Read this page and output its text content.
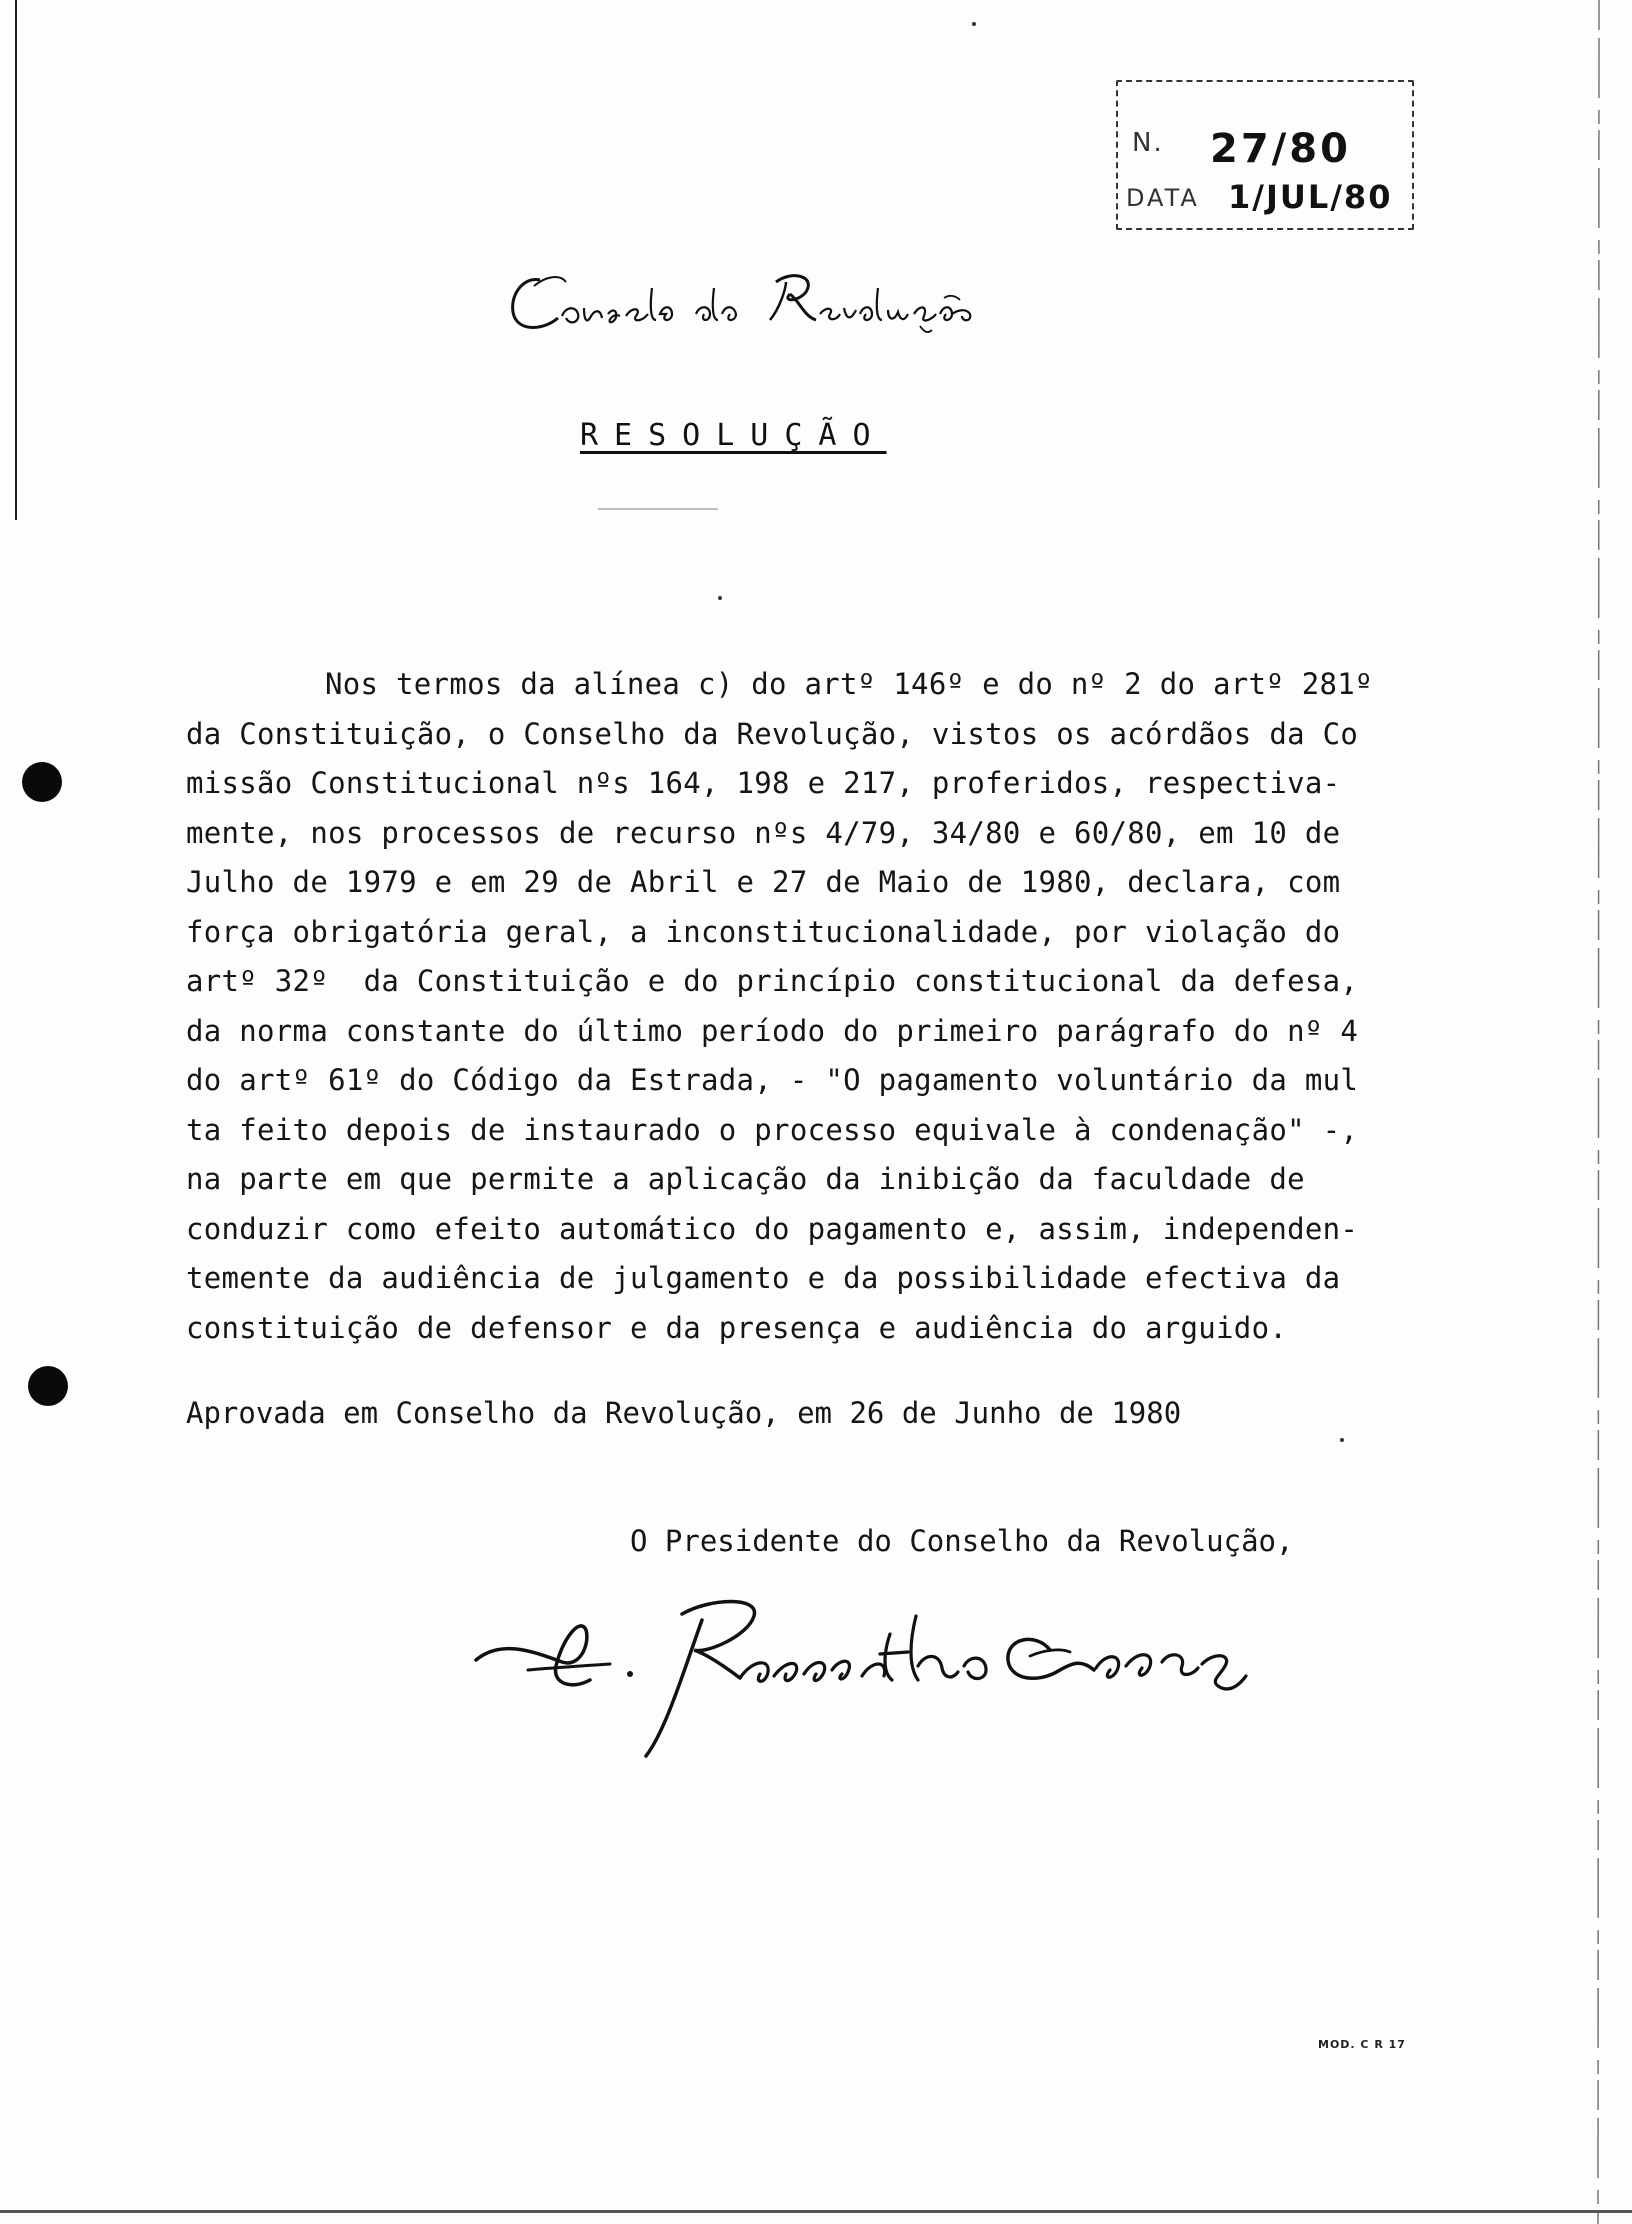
N. 27/80
DATA 1/JUL/80
Conselho da Revolução
RESOLUÇÃO
Nos termos da alínea c) do artº 146º e do nº 2 do artº 281º
da Constituição, o Conselho da Revolução, vistos os acórdãos da Co
missão Constitucional nºs 164, 198 e 217, proferidos, respectiva-
mente, nos processos de recurso nºs 4/79, 34/80 e 60/80, em 10 de
Julho de 1979 e em 29 de Abril e 27 de Maio de 1980, declara, com
força obrigatória geral, a inconstitucionalidade, por violação do
artº 32º  da Constituição e do princípio constitucional da defesa,
da norma constante do último período do primeiro parágrafo do nº 4
do artº 61º do Código da Estrada, - "O pagamento voluntário da mul
ta feito depois de instaurado o processo equivale à condenação" -,
na parte em que permite a aplicação da inibição da faculdade de
conduzir como efeito automático do pagamento e, assim, independen-
temente da audiência de julgamento e da possibilidade efectiva da
constituição de defensor e da presença e audiência do arguido.

Aprovada em Conselho da Revolução, em 26 de Junho de 1980

O Presidente do Conselho da Revolução,

A. Ramalho Eanes
MOD. C R 17
